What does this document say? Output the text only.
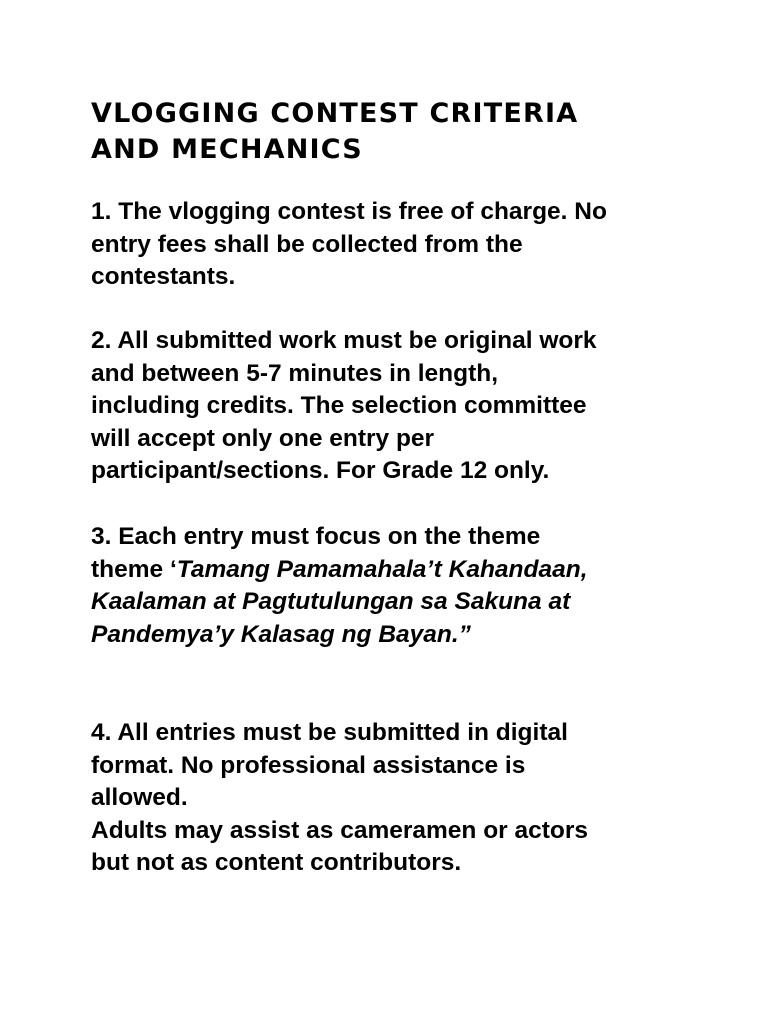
VLOGGING CONTEST CRITERIA
AND MECHANICS
1. The vlogging contest is free of charge. No
entry fees shall be collected from the
contestants.
2. All submitted work must be original work
and between 5-7 minutes in length,
including credits. The selection committee
will accept only one entry per
participant/sections. For Grade 12 only.
3. Each entry must focus on the theme
theme ‘Tamang Pamamahala’t Kahandaan,
Kaalaman at Pagtutulungan sa Sakuna at
Pandemya’y Kalasag ng Bayan.”
4. All entries must be submitted in digital
format. No professional assistance is
allowed.
Adults may assist as cameramen or actors
but not as content contributors.
